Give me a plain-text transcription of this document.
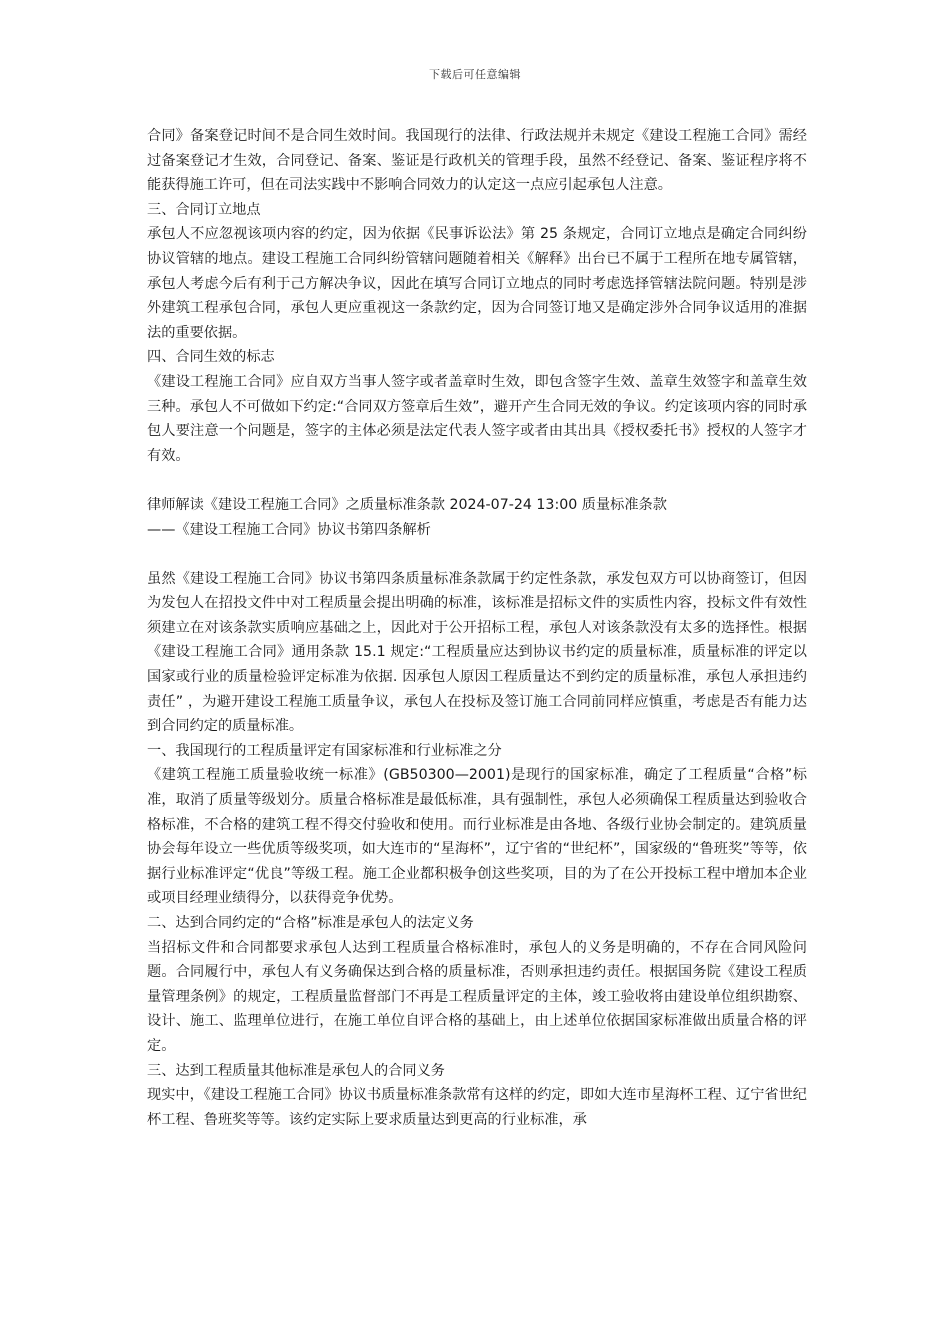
下载后可任意编辑

合同》备案登记时间不是合同生效时间。我国现行的法律、行政法规并未规定《建设工程施工合同》需经过备案登记才生效，合同登记、备案、鉴证是行政机关的管理手段，虽然不经登记、备案、鉴证程序将不能获得施工许可，但在司法实践中不影响合同效力的认定这一点应引起承包人注意。

三、合同订立地点

承包人不应忽视该项内容的约定，因为依据《民事诉讼法》第 25 条规定，合同订立地点是确定合同纠纷协议管辖的地点。建设工程施工合同纠纷管辖问题随着相关《解释》出台已不属于工程所在地专属管辖，承包人考虑今后有利于己方解决争议，因此在填写合同订立地点的同时考虑选择管辖法院问题。特别是涉外建筑工程承包合同，承包人更应重视这一条款约定，因为合同签订地又是确定涉外合同争议适用的准据法的重要依据。

四、合同生效的标志

《建设工程施工合同》应自双方当事人签字或者盖章时生效，即包含签字生效、盖章生效签字和盖章生效三种。承包人不可做如下约定:“合同双方签章后生效”，避开产生合同无效的争议。约定该项内容的同时承包人要注意一个问题是，签字的主体必须是法定代表人签字或者由其出具《授权委托书》授权的人签字才有效。

律师解读《建设工程施工合同》之质量标准条款 2024-07-24 13:00 质量标准条款

——《建设工程施工合同》协议书第四条解析

虽然《建设工程施工合同》协议书第四条质量标准条款属于约定性条款，承发包双方可以协商签订，但因为发包人在招投文件中对工程质量会提出明确的标准，该标准是招标文件的实质性内容，投标文件有效性须建立在对该条款实质响应基础之上，因此对于公开招标工程，承包人对该条款没有太多的选择性。根据《建设工程施工合同》通用条款 15.1 规定:“工程质量应达到协议书约定的质量标准，质量标准的评定以国家或行业的质量检验评定标准为依据. 因承包人原因工程质量达不到约定的质量标准，承包人承担违约责任” ，为避开建设工程施工质量争议，承包人在投标及签订施工合同前同样应慎重，考虑是否有能力达到合同约定的质量标准。

一、我国现行的工程质量评定有国家标准和行业标准之分

《建筑工程施工质量验收统一标准》(GB50300—2001)是现行的国家标准，确定了工程质量“合格”标准，取消了质量等级划分。质量合格标准是最低标准，具有强制性，承包人必须确保工程质量达到验收合格标准，不合格的建筑工程不得交付验收和使用。而行业标准是由各地、各级行业协会制定的。建筑质量协会每年设立一些优质等级奖项，如大连市的“星海杯”，辽宁省的“世纪杯”，国家级的“鲁班奖”等等，依据行业标准评定“优良”等级工程。施工企业都积极争创这些奖项，目的为了在公开投标工程中增加本企业或项目经理业绩得分，以获得竞争优势。

二、达到合同约定的“合格”标准是承包人的法定义务

当招标文件和合同都要求承包人达到工程质量合格标准时，承包人的义务是明确的，不存在合同风险问题。合同履行中，承包人有义务确保达到合格的质量标准，否则承担违约责任。根据国务院《建设工程质量管理条例》的规定，工程质量监督部门不再是工程质量评定的主体，竣工验收将由建设单位组织勘察、设计、施工、监理单位进行，在施工单位自评合格的基础上，由上述单位依据国家标准做出质量合格的评定。

三、达到工程质量其他标准是承包人的合同义务

现实中，《建设工程施工合同》协议书质量标准条款常有这样的约定，即如大连市星海杯工程、辽宁省世纪杯工程、鲁班奖等等。该约定实际上要求质量达到更高的行业标准，承
